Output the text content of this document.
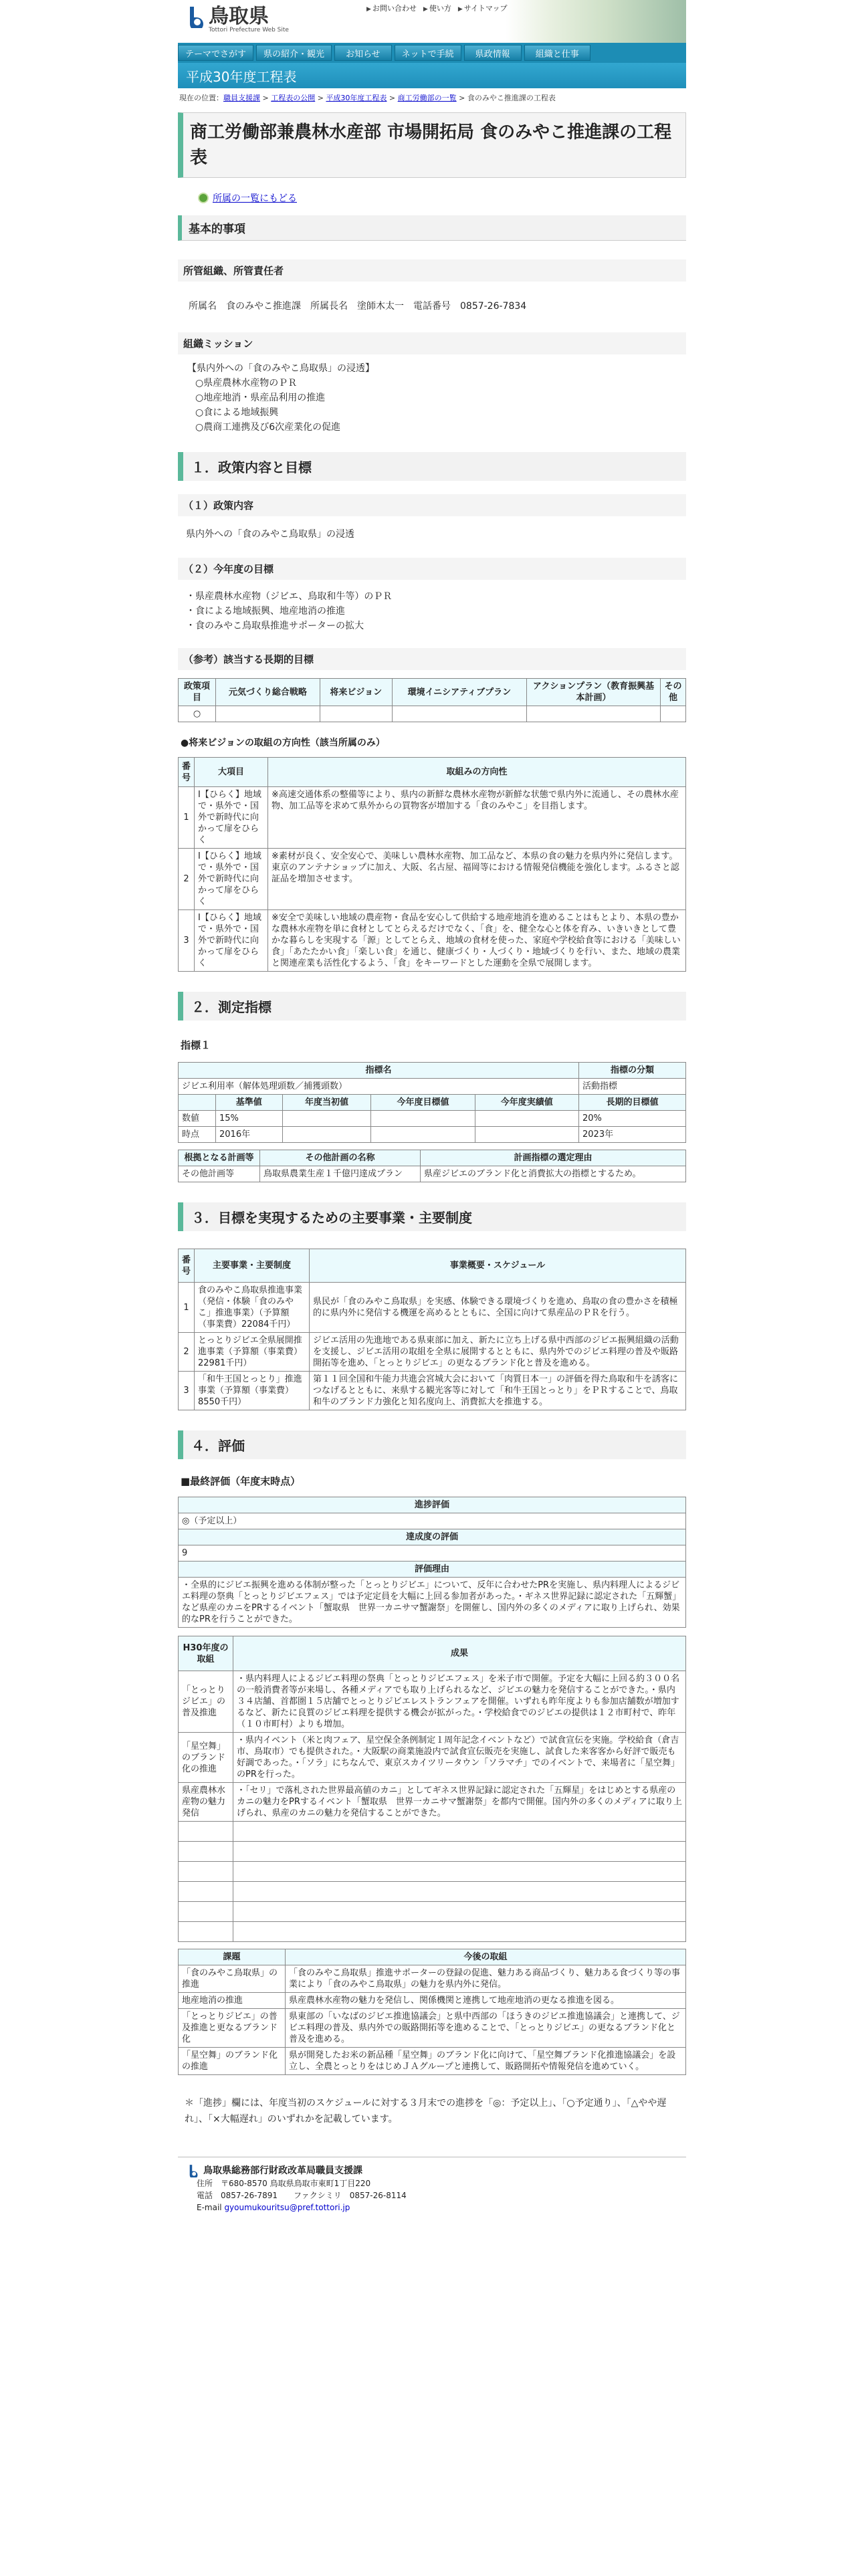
鳥取県
Tottori Prefecture Web Site
▶ お問い合わせ ▶ 使い方 ▶ サイトマップ
テーマでさがす	県の紹介・観光	お知らせ	ネットで手続	県政情報	組織と仕事
平成30年度工程表
現在の位置：職員支援課 > 工程表の公開 > 平成30年度工程表 > 商工労働部の一覧 > 食のみやこ推進課の工程表
商工労働部兼農林水産部 市場開拓局 食のみやこ推進課の工程表
所属の一覧にもどる
基本的事項
所管組織、所管責任者
所属名　食のみやこ推進課　所属長名　塗師木太一　電話番号　0857-26-7834
組織ミッション
【県内外への「食のみやこ鳥取県」の浸透】
○県産農林水産物のＰＲ
○地産地消・県産品利用の推進
○食による地域振興
○農商工連携及び6次産業化の促進
１．政策内容と目標
（１）政策内容
県内外への「食のみやこ鳥取県」の浸透
（２）今年度の目標
・県産農林水産物（ジビエ、鳥取和牛等）のＰＲ
・食による地域振興、地産地消の推進
・食のみやこ鳥取県推進サポーターの拡大
（参考）該当する長期的目標
政策項目	元気づくり総合戦略	将来ビジョン	環境イニシアティブプラン	アクションプラン（教育振興基本計画）	その他
○					
●将来ビジョンの取組の方向性（該当所属のみ）
番号	大項目	取組みの方向性
1	Ⅰ【ひらく】地域で・県外で・国外で新時代に向かって扉をひらく	※高速交通体系の整備等により、県内の新鮮な農林水産物が新鮮な状態で県内外に流通し、その農林水産物、加工品等を求めて県外からの買物客が増加する「食のみやこ」を目指します。
2	Ⅰ【ひらく】地域で・県外で・国外で新時代に向かって扉をひらく	※素材が良く、安全安心で、美味しい農林水産物、加工品など、本県の食の魅力を県内外に発信します。東京のアンテナショップに加え、大阪、名古屋、福岡等における情報発信機能を強化します。ふるさと認証品を増加させます。
3	Ⅰ【ひらく】地域で・県外で・国外で新時代に向かって扉をひらく	※安全で美味しい地域の農産物・食品を安心して供給する地産地消を進めることはもとより、本県の豊かな農林水産物を単に食材としてとらえるだけでなく、「食」を、健全な心と体を育み、いきいきとして豊かな暮らしを実現する「源」としてとらえ、地域の食材を使った、家庭や学校給食等における「美味しい食」「あたたかい食」「楽しい食」を通じ、健康づくり・人づくり・地域づくりを行い、また、地域の農業と関連産業も活性化するよう、「食」をキーワードとした運動を全県で展開します。
２．測定指標
指標１
指標名					指標の分類
ジビエ利用率（解体処理頭数／捕獲頭数）					活動指標
	基準値	年度当初値	今年度目標値	今年度実績値	長期的目標値
数値	15%				20%
時点	2016年				2023年
根拠となる計画等	その他計画の名称	計画指標の選定理由
その他計画等	鳥取県農業生産１千億円達成プラン	県産ジビエのブランド化と消費拡大の指標とするため。
３．目標を実現するための主要事業・主要制度
番号	主要事業・主要制度	事業概要・スケジュール
1	食のみやこ鳥取県推進事業（発信・体験「食のみやこ」推進事業）（予算額（事業費）22084千円）	県民が「食のみやこ鳥取県」を実感、体験できる環境づくりを進め、鳥取の食の豊かさを積極的に県内外に発信する機運を高めるとともに、全国に向けて県産品のＰＲを行う。
2	とっとりジビエ全県展開推進事業（予算額（事業費）22981千円）	ジビエ活用の先進地である県東部に加え、新たに立ち上げる県中西部のジビエ振興組織の活動を支援し、ジビエ活用の取組を全県に展開するとともに、県内外でのジビエ料理の普及や販路開拓等を進め、「とっとりジビエ」の更なるブランド化と普及を進める。
3	「和牛王国とっとり」推進事業（予算額（事業費）8550千円）	第１１回全国和牛能力共進会宮城大会において「肉質日本一」の評価を得た鳥取和牛を誘客につなげるとともに、来県する観光客等に対して「和牛王国とっとり」をＰＲすることで、鳥取和牛のブランド力強化と知名度向上、消費拡大を推進する。
４．評価
■最終評価（年度末時点）
進捗評価
◎（予定以上）
達成度の評価
9
評価理由
・全県的にジビエ振興を進める体制が整った「とっとりジビエ」について、反年に合わせたPRを実施し、県内料理人によるジビエ料理の祭典「とっとりジビエフェス」では予定定員を大幅に上回る参加者があった。・ギネス世界記録に認定された「五輝蟹」など県産のカニをPRするイベント「蟹取県　世界一カニサマ蟹謝祭」を開催し、国内外の多くのメディアに取り上げられ、効果的なPRを行うことができた。
H30年度の取組	成果
「とっとりジビエ」の普及推進	・県内料理人によるジビエ料理の祭典「とっとりジビエフェス」を米子市で開催。予定を大幅に上回る約３００名の一般消費者等が来場し、各種メディアでも取り上げられるなど、ジビエの魅力を発信することができた。・県内３４店舗、首都圏１５店舗でとっとりジビエレストランフェアを開催。いずれも昨年度よりも参加店舗数が増加するなど、新たに良質のジビエ料理を提供する機会が拡がった。・学校給食でのジビエの提供は１２市町村で、昨年（１０市町村）よりも増加。
「星空舞」のブランド化の推進	・県内イベント（米と肉フェア、星空保全条例制定１周年記念イベントなど）で試食宣伝を実施。学校給食（倉吉市、鳥取市）でも提供された。・大阪駅の商業施設内で試食宣伝販売を実施し、試食した来客客から好評で販売も好調であった。・「ソラ」にちなんで、東京スカイツリータウン「ソラマチ」でのイベントで、来場者に「星空舞」のPRを行った。
県産農林水産物の魅力発信	・「セリ」で落札された世界最高値のカニ」としてギネス世界記録に認定された「五輝星」をはじめとする県産のカニの魅力をPRするイベント「蟹取県　世界一カニサマ蟹謝祭」を都内で開催。国内外の多くのメディアに取り上げられ、県産のカニの魅力を発信することができた。

課題	今後の取組
「食のみやこ鳥取県」の推進	「食のみやこ鳥取県」推進サポーターの登録の促進、魅力ある商品づくり、魅力ある食づくり等の事業により「食のみやこ鳥取県」の魅力を県内外に発信。
地産地消の推進	県産農林水産物の魅力を発信し、関係機関と連携して地産地消の更なる推進を図る。
「とっとりジビエ」の普及推進と更なるブランド化	県東部の「いなばのジビエ推進協議会」と県中西部の「ほうきのジビエ推進協議会」と連携して、ジビエ料理の普及、県内外での販路開拓等を進めることで、「とっとりジビエ」の更なるブランド化と普及を進める。
「星空舞」のブランド化の推進	県が開発したお米の新品種「星空舞」のブランド化に向けて、「星空舞ブランド化推進協議会」を設立し、全農とっとりをはじめＪＡグループと連携して、販路開拓や情報発信を進めていく。
＊「進捗」欄には、年度当初のスケジュールに対する３月末での進捗を「◎：予定以上」、「○予定通り」、「△やや遅れ」、「×大幅遅れ」のいずれかを記載しています。
鳥取県総務部行財政改革局職員支援課
住所　〒680-8570 鳥取県鳥取市東町1丁目220
電話　0857-26-7891　　ファクシミリ　0857-26-8114
E-mail gyoumukouritsu@pref.tottori.jp
